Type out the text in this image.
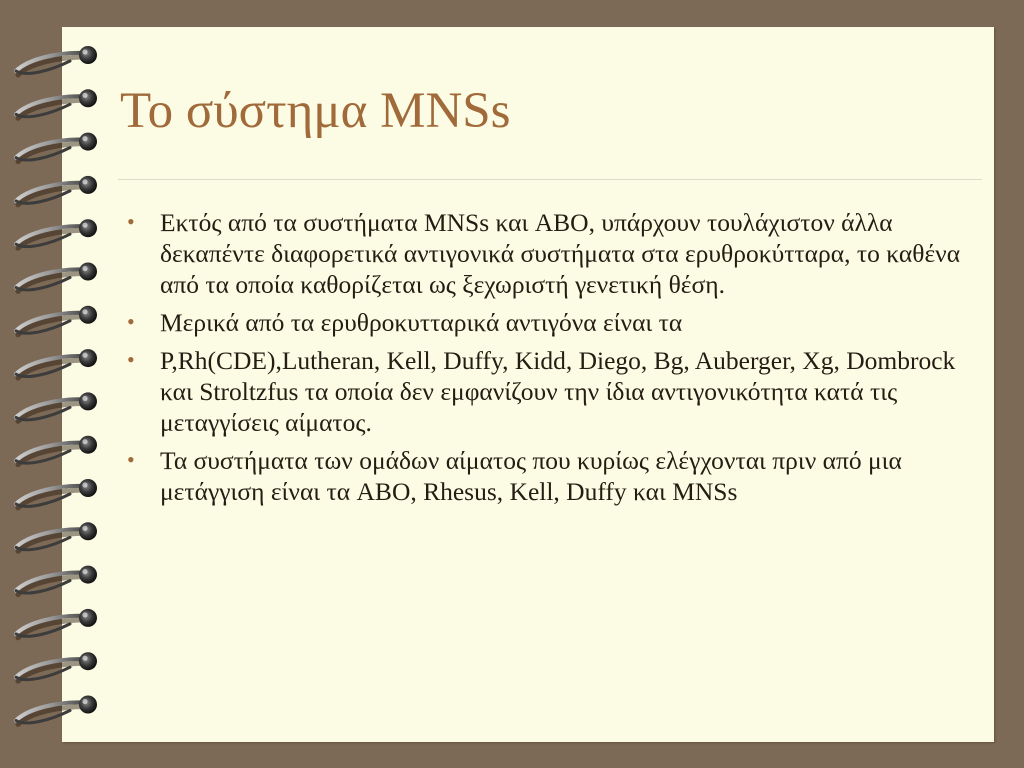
Το σύστημα MNSs
• Εκτός από τα συστήματα MNSs και ABO, υπάρχουν τουλάχιστον άλλα δεκαπέντε διαφορετικά αντιγονικά συστήματα στα ερυθροκύτταρα, το καθένα από τα οποία καθορίζεται ως ξεχωριστή γενετική θέση.
• Μερικά από τα ερυθροκυτταρικά αντιγόνα είναι τα
• P,Rh(CDE),Lutheran, Kell, Duffy, Kidd, Diego, Bg, Auberger, Xg, Dombrock και Stroltzfus τα οποία δεν εμφανίζουν την ίδια αντιγονικότητα κατά τις μεταγγίσεις αίματος.
• Τα συστήματα των ομάδων αίματος που κυρίως ελέγχονται πριν από μια μετάγγιση είναι τα ABO, Rhesus, Kell, Duffy και MNSs
